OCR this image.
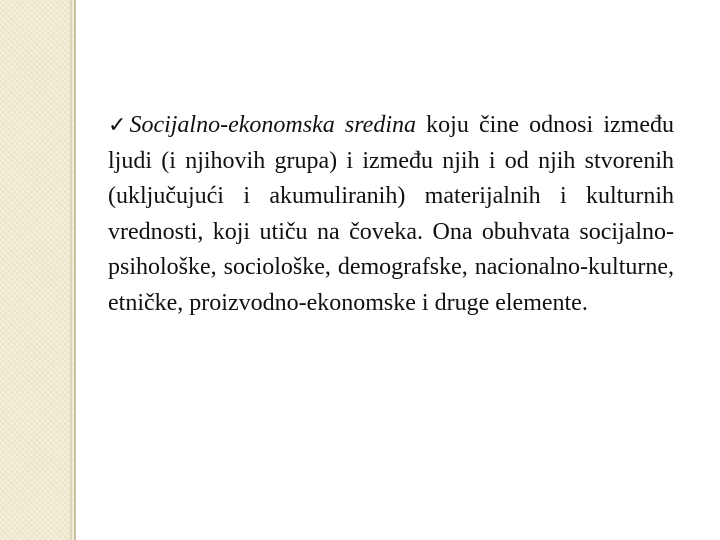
✓ Socijalno-ekonomska sredina koju čine odnosi između ljudi (i njihovih grupa) i između njih i od njih stvorenih (uključujući i akumuliranih) materijalnih i kulturnih vrednosti, koji utiču na čoveka. Ona obuhvata socijalno-psihološke, sociološke, demografske, nacionalno-kulturne, etničke, proizvodno-ekonomske i druge elemente.
